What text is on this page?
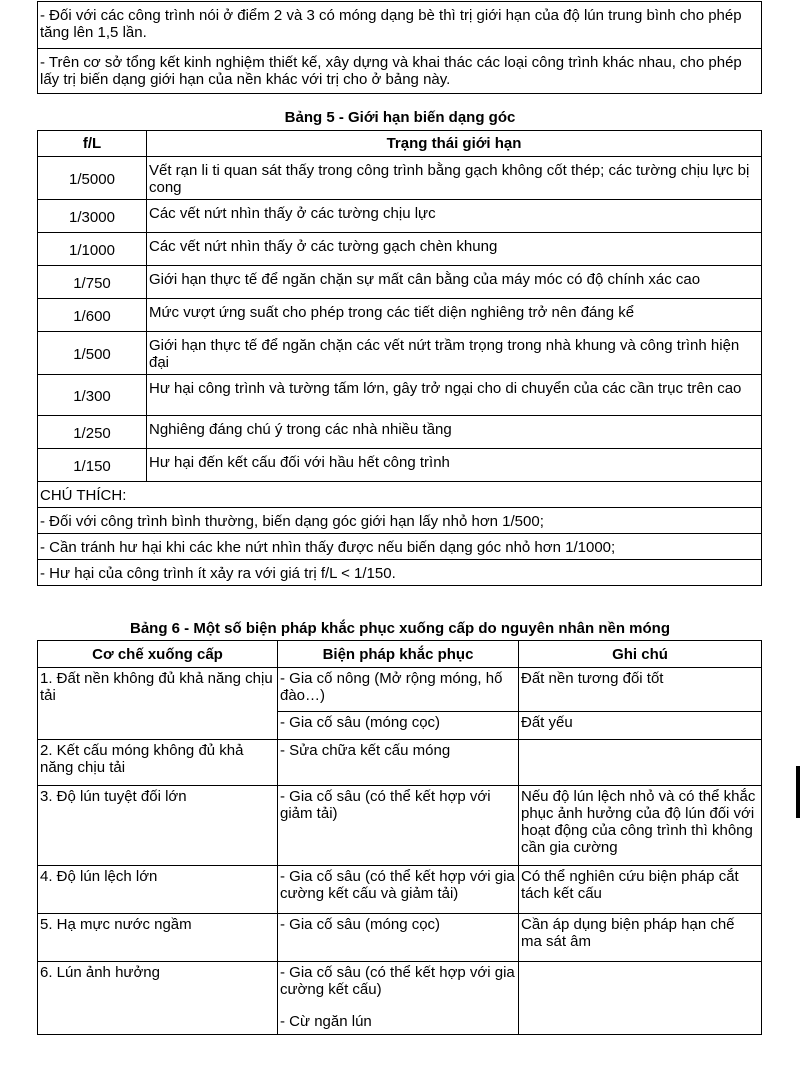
- Đối với các công trình nói ở điểm 2 và 3 có móng dạng bè thì trị giới hạn của độ lún trung bình cho phép tăng lên 1,5 lần.
- Trên cơ sở tổng kết kinh nghiệm thiết kế, xây dựng và khai thác các loại công trình khác nhau, cho phép lấy trị biến dạng giới hạn của nền khác với trị cho ở bảng này.
Bảng 5 - Giới hạn biến dạng góc
f/L	Trạng thái giới hạn
1/5000	Vết rạn li ti quan sát thấy trong công trình bằng gạch không cốt thép; các tường chịu lực bị cong
1/3000	Các vết nứt nhìn thấy ở các tường chịu lực
1/1000	Các vết nứt nhìn thấy ở các tường gạch chèn khung
1/750	Giới hạn thực tế để ngăn chặn sự mất cân bằng của máy móc có độ chính xác cao
1/600	Mức vượt ứng suất cho phép trong các tiết diện nghiêng trở nên đáng kể
1/500	Giới hạn thực tế để ngăn chặn các vết nứt trầm trọng trong nhà khung và công trình hiện đại
1/300	Hư hại công trình và tường tấm lớn, gây trở ngại cho di chuyển của các cần trục trên cao
1/250	Nghiêng đáng chú ý trong các nhà nhiều tầng
1/150	Hư hại đến kết cấu đối với hầu hết công trình
CHÚ THÍCH:	
- Đối với công trình bình thường, biến dạng góc giới hạn lấy nhỏ hơn 1/500;	
- Cần tránh hư hại khi các khe nứt nhìn thấy được nếu biến dạng góc nhỏ hơn 1/1000;	
- Hư hại của công trình ít xảy ra với giá trị f/L < 1/150.	
Bảng 6 - Một số biện pháp khắc phục xuống cấp do nguyên nhân nền móng
Cơ chế xuống cấp	Biện pháp khắc phục	Ghi chú
1. Đất nền không đủ khả năng chịu tải	- Gia cố nông (Mở rộng móng, hố đào…)	Đất nền tương đối tốt
	- Gia cố sâu (móng cọc)	Đất yếu
2. Kết cấu móng không đủ khả năng chịu tải	- Sửa chữa kết cấu móng	
3. Độ lún tuyệt đối lớn	- Gia cố sâu (có thể kết hợp với giảm tải)	Nếu độ lún lệch nhỏ và có thể khắc phục ảnh hưởng của độ lún đối với hoạt động của công trình thì không cần gia cường
4. Độ lún lệch lớn	- Gia cố sâu (có thể kết hợp với gia cường kết cấu và giảm tải)	Có thể nghiên cứu biện pháp cắt tách kết cấu
5. Hạ mực nước ngầm	- Gia cố sâu (móng cọc)	Cần áp dụng biện pháp hạn chế ma sát âm
6. Lún ảnh hưởng	- Gia cố sâu (có thể kết hợp với gia cường kết cấu)	
	- Cừ ngăn lún	
